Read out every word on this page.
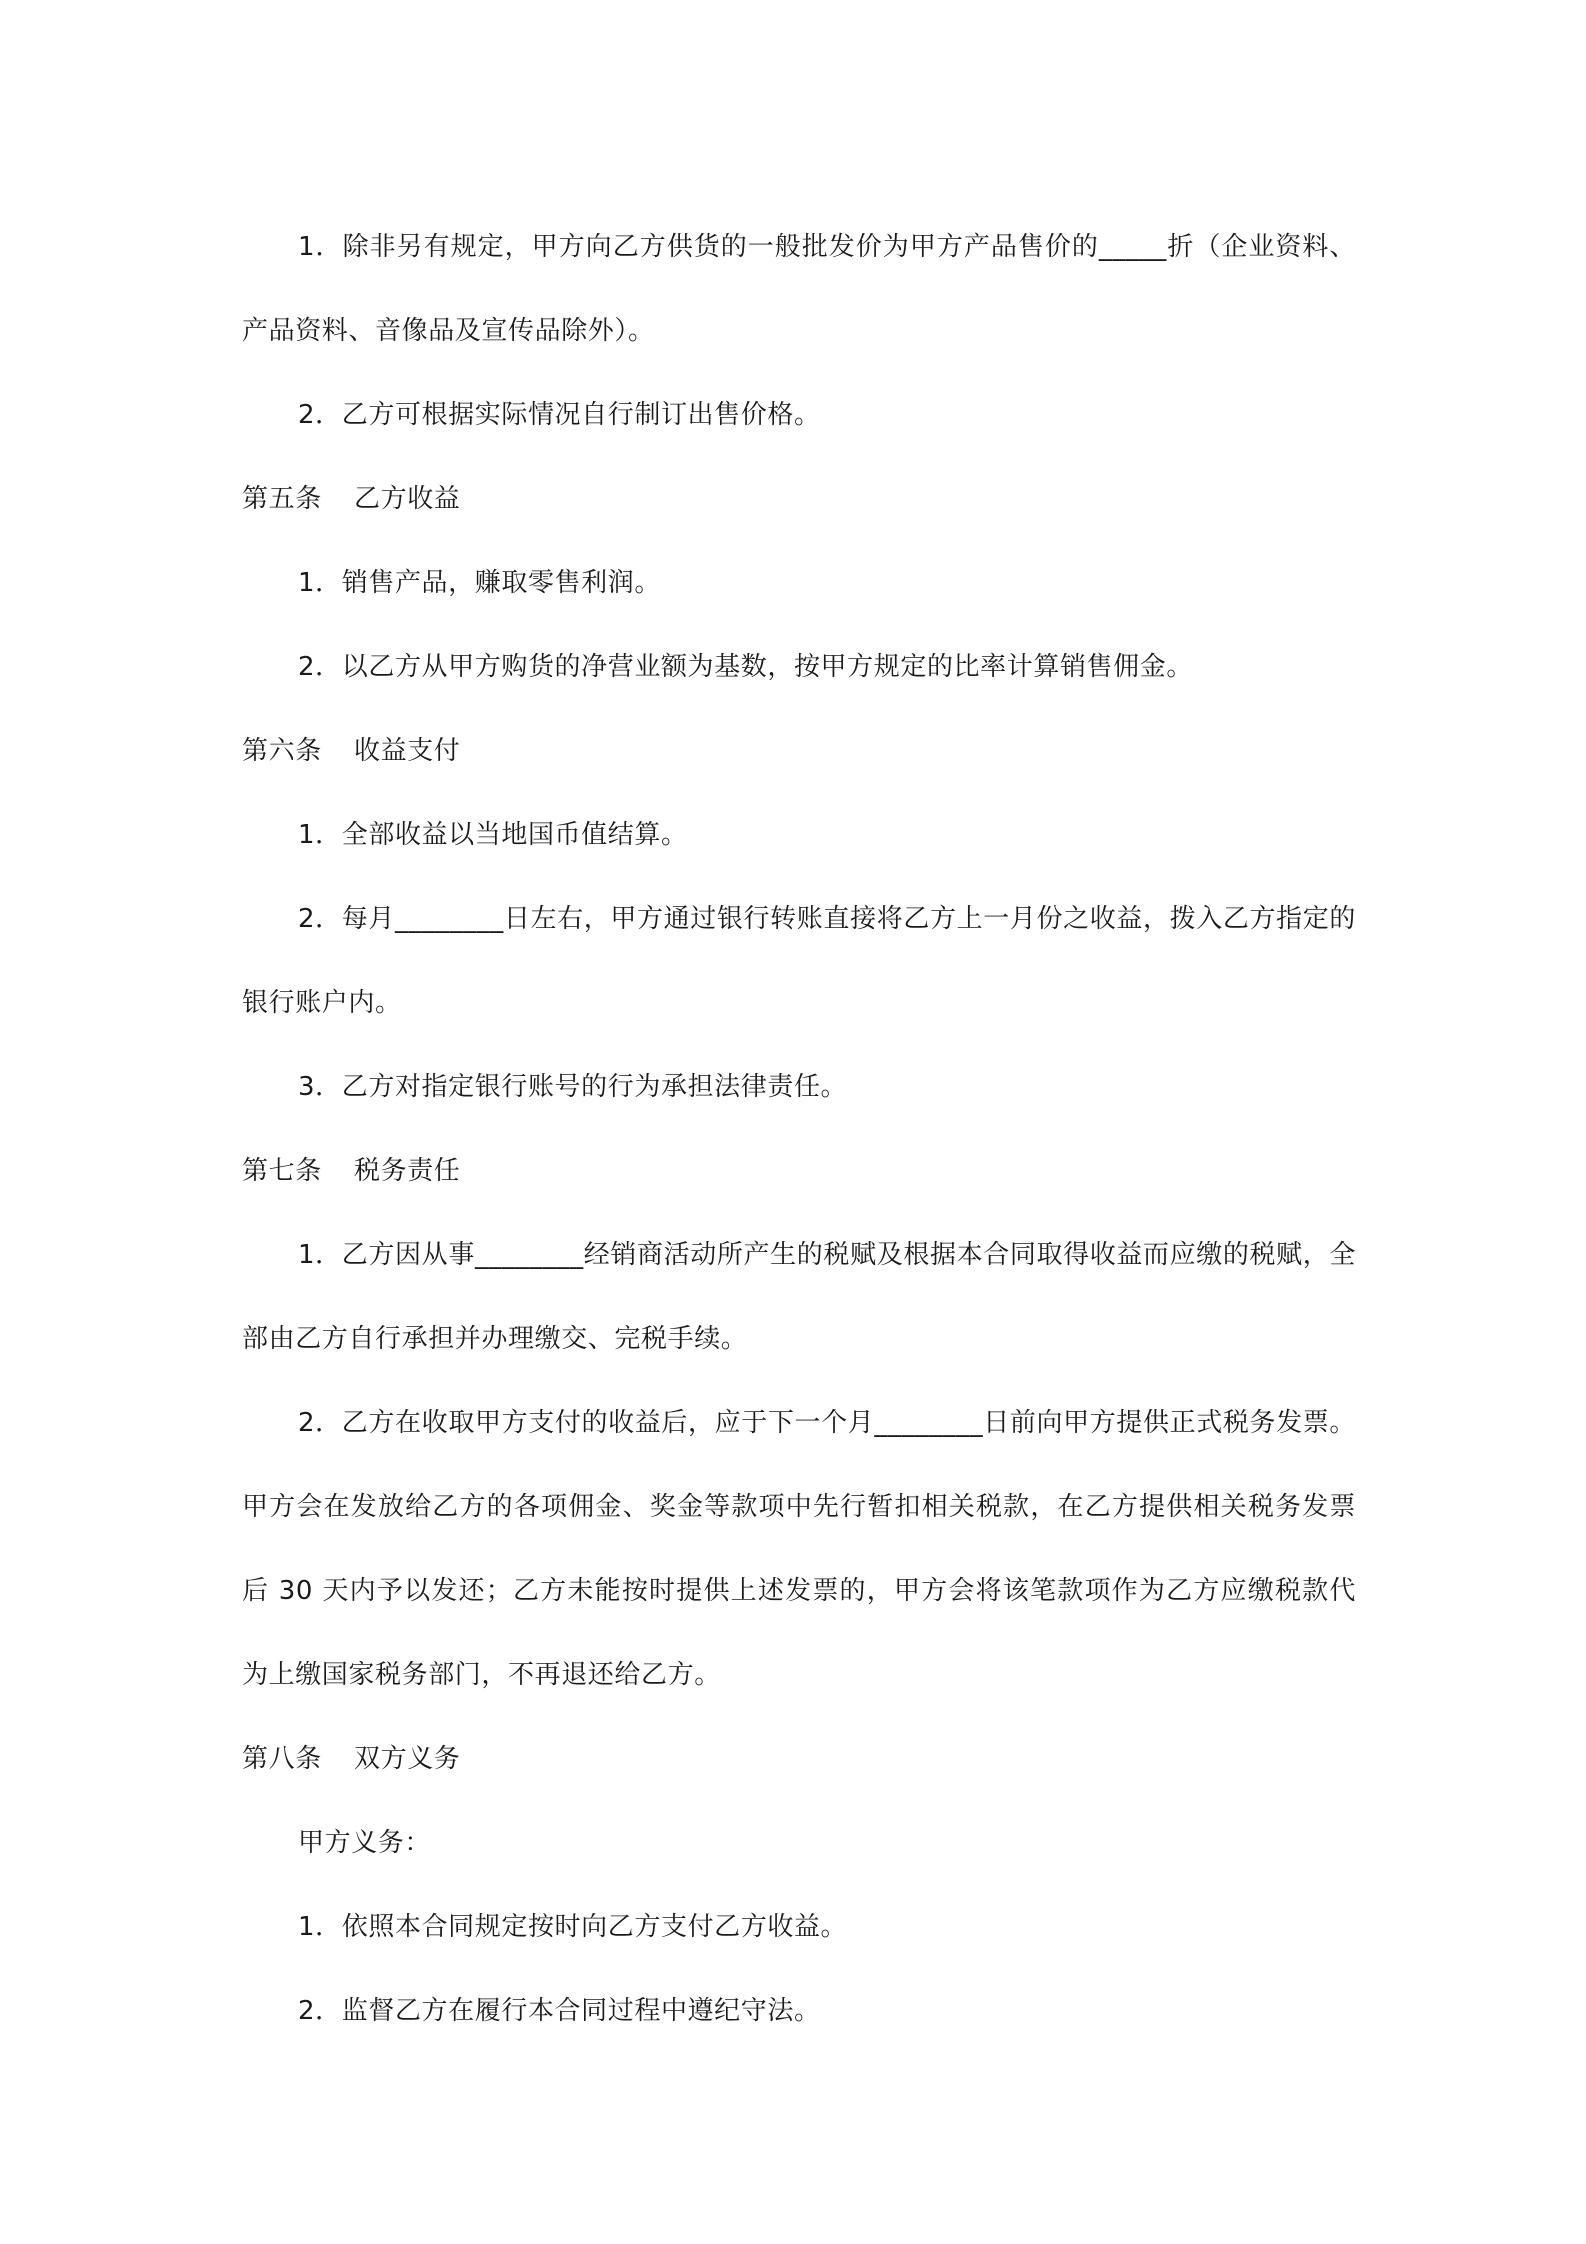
1．除非另有规定，甲方向乙方供货的一般批发价为甲方产品售价的_____折（企业资料、产品资料、音像品及宣传品除外）。

2．乙方可根据实际情况自行制订出售价格。

第五条 乙方收益

1．销售产品，赚取零售利润。

2．以乙方从甲方购货的净营业额为基数，按甲方规定的比率计算销售佣金。

第六条 收益支付

1．全部收益以当地国币值结算。

2．每月________日左右，甲方通过银行转账直接将乙方上一月份之收益，拨入乙方指定的银行账户内。

3．乙方对指定银行账号的行为承担法律责任。

第七条 税务责任

1．乙方因从事________经销商活动所产生的税赋及根据本合同取得收益而应缴的税赋，全部由乙方自行承担并办理缴交、完税手续。

2．乙方在收取甲方支付的收益后，应于下一个月________日前向甲方提供正式税务发票。甲方会在发放给乙方的各项佣金、奖金等款项中先行暂扣相关税款，在乙方提供相关税务发票后 30 天内予以发还；乙方未能按时提供上述发票的，甲方会将该笔款项作为乙方应缴税款代为上缴国家税务部门，不再退还给乙方。

第八条 双方义务

甲方义务：

1．依照本合同规定按时向乙方支付乙方收益。

2．监督乙方在履行本合同过程中遵纪守法。
